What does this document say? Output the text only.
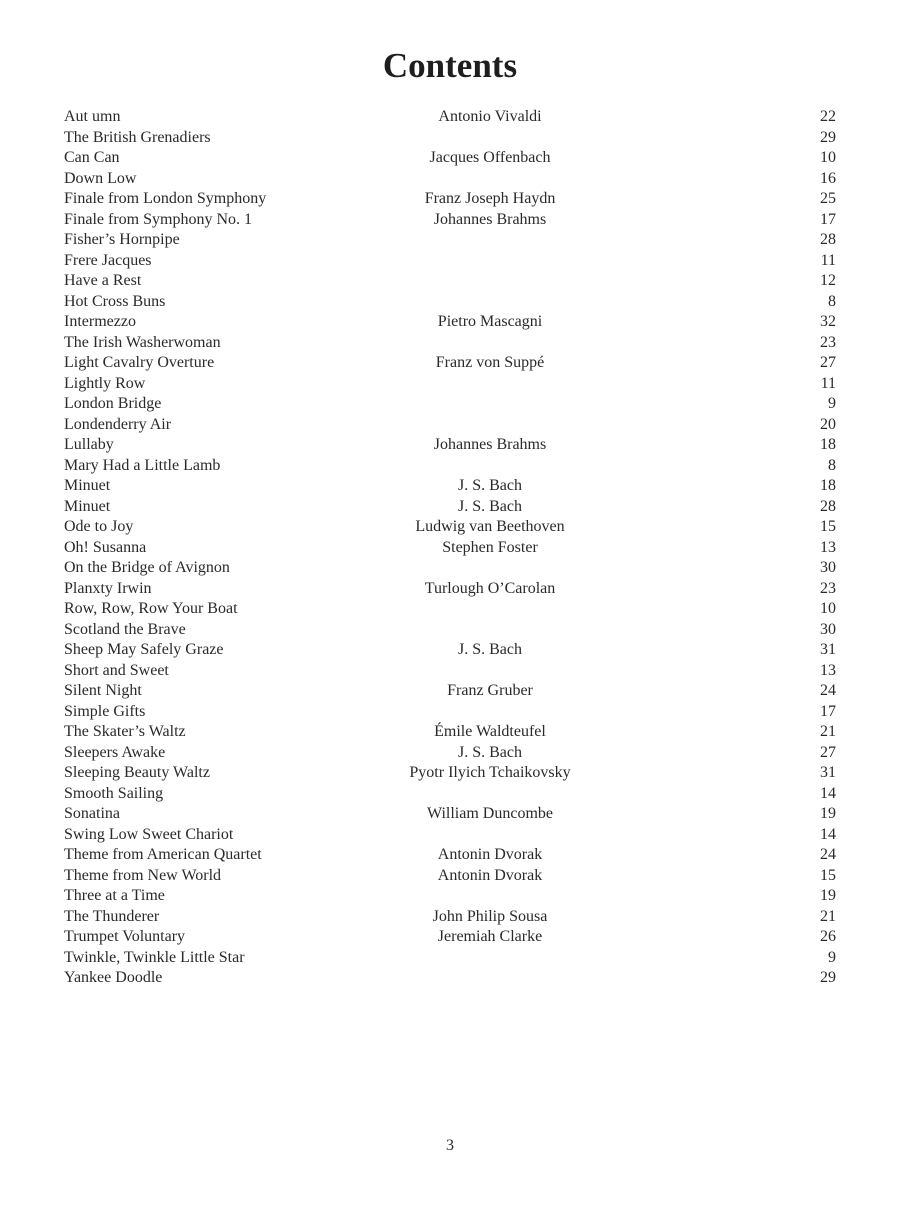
Contents
Aut umn	Antonio Vivaldi	22
The British Grenadiers	29
Can Can	Jacques Offenbach	10
Down Low	16
Finale from London Symphony	Franz Joseph Haydn	25
Finale from Symphony No. 1	Johannes Brahms	17
Fisher’s Hornpipe	28
Frere Jacques	11
Have a Rest	12
Hot Cross Buns	8
Intermezzo	Pietro Mascagni	32
The Irish Washerwoman	23
Light Cavalry Overture	Franz von Suppé	27
Lightly Row	11
London Bridge	9
Londenderry Air	20
Lullaby	Johannes Brahms	18
Mary Had a Little Lamb	8
Minuet	J. S. Bach	18
Minuet	J. S. Bach	28
Ode to Joy	Ludwig van Beethoven	15
Oh! Susanna	Stephen Foster	13
On the Bridge of Avignon	30
Planxty Irwin	Turlough O’Carolan	23
Row, Row, Row Your Boat	10
Scotland the Brave	30
Sheep May Safely Graze	J. S. Bach	31
Short and Sweet	13
Silent Night	Franz Gruber	24
Simple Gifts	17
The Skater’s Waltz	Émile Waldteufel	21
Sleepers Awake	J. S. Bach	27
Sleeping Beauty Waltz	Pyotr Ilyich Tchaikovsky	31
Smooth Sailing	14
Sonatina	William Duncombe	19
Swing Low Sweet Chariot	14
Theme from American Quartet	Antonin Dvorak	24
Theme from New World	Antonin Dvorak	15
Three at a Time	19
The Thunderer	John Philip Sousa	21
Trumpet Voluntary	Jeremiah Clarke	26
Twinkle, Twinkle Little Star	9
Yankee Doodle	29
3
